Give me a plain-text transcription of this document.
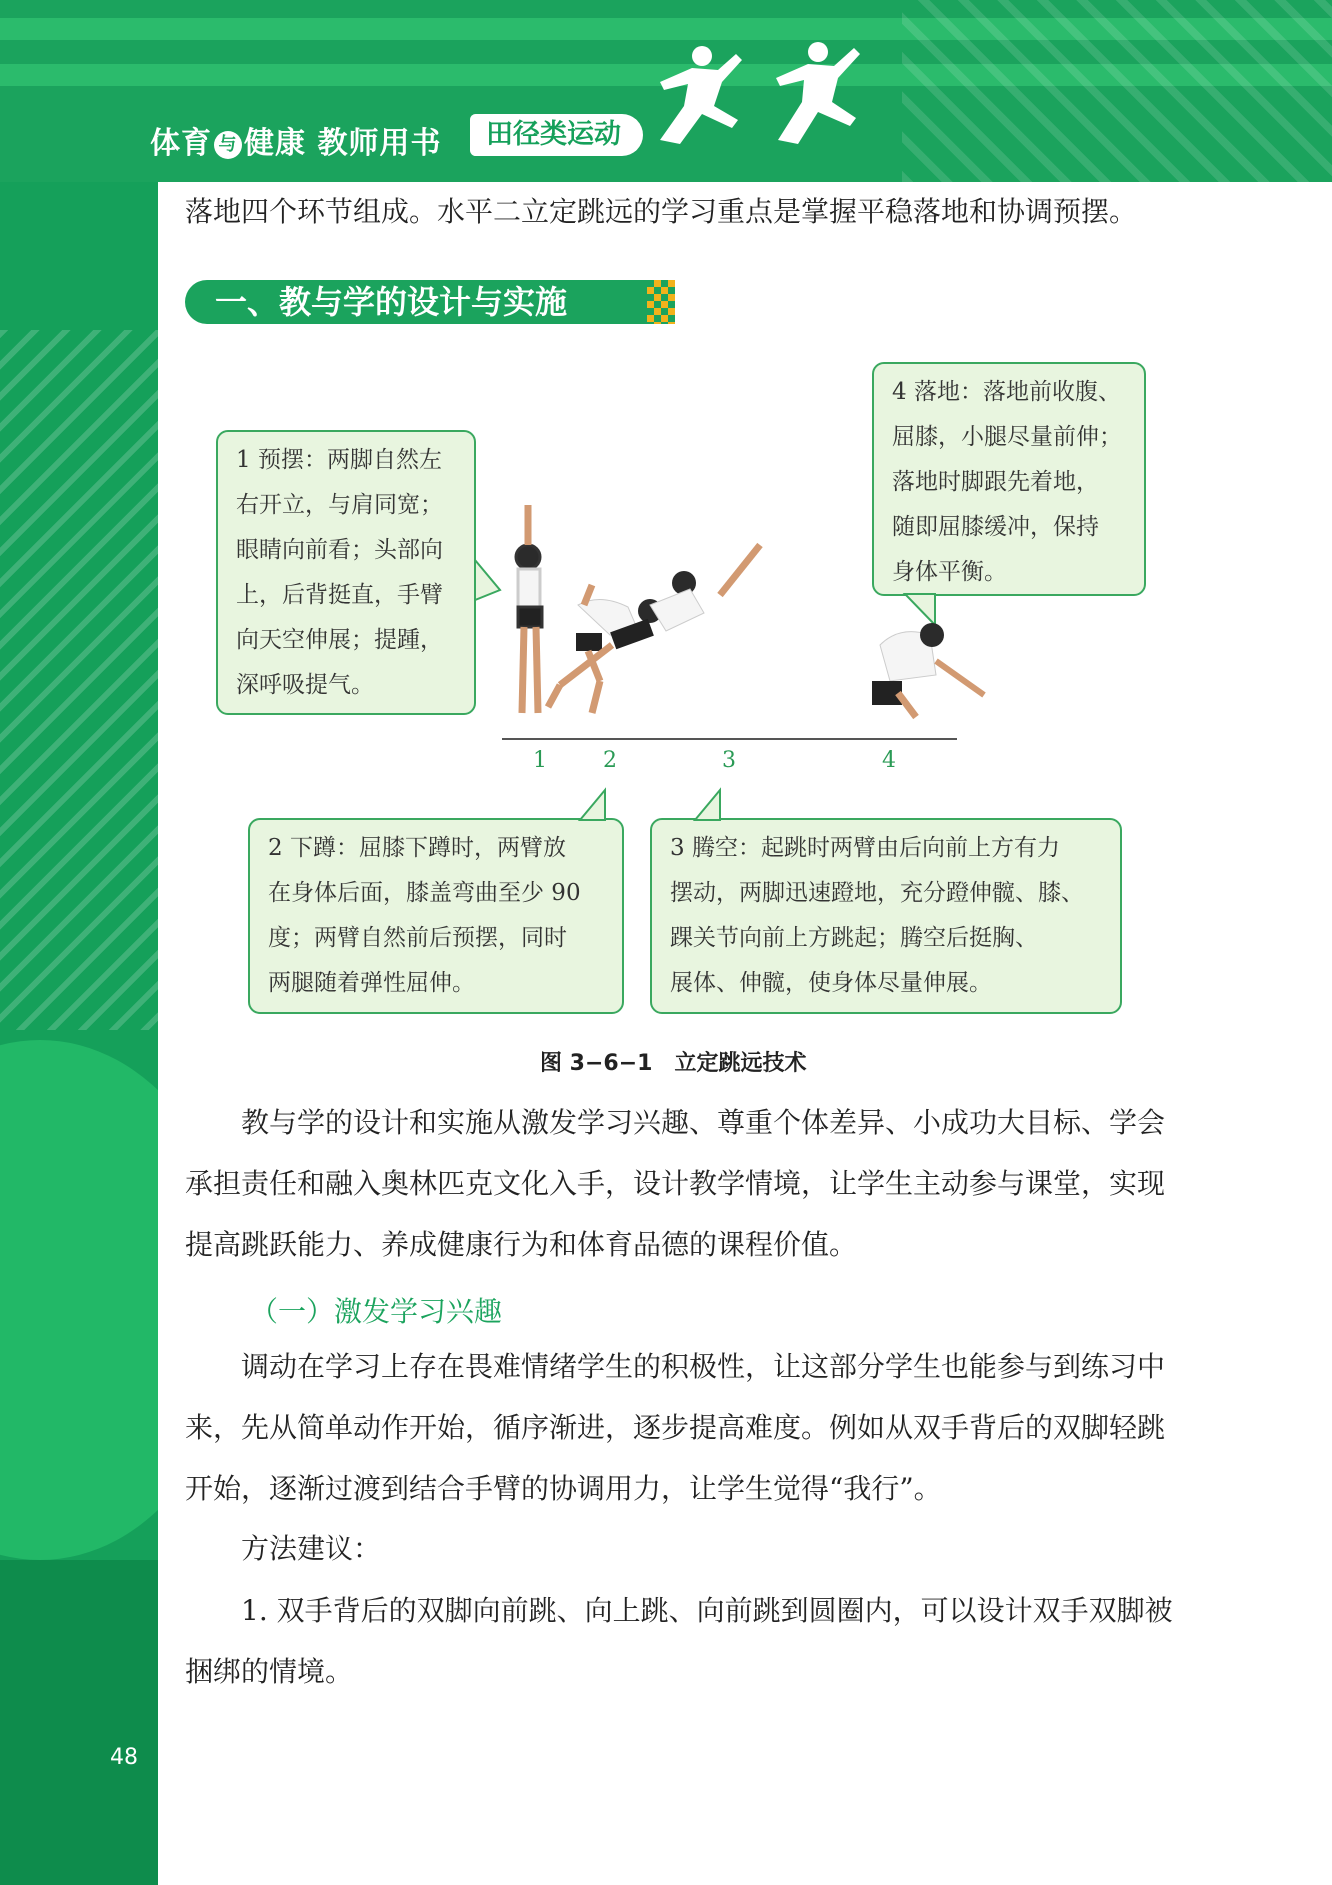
体育 与 健康 教师用书	田径类运动
落地四个环节组成。水平二立定跳远的学习重点是掌握平稳落地和协调预摆。
一、教与学的设计与实施
1 预摆：两脚自然左
右开立，与肩同宽；
眼睛向前看；头部向
上，后背挺直，手臂
向天空伸展；提踵，
深呼吸提气。
4 落地：落地前收腹、
屈膝，小腿尽量前伸；
落地时脚跟先着地，
随即屈膝缓冲，保持
身体平衡。
2 下蹲：屈膝下蹲时，两臂放
在身体后面，膝盖弯曲至少 90
度；两臂自然前后预摆，同时
两腿随着弹性屈伸。
3 腾空：起跳时两臂由后向前上方有力
摆动，两脚迅速蹬地，充分蹬伸髋、膝、
踝关节向前上方跳起；腾空后挺胸、
展体、伸髋，使身体尽量伸展。
1	2	3	4
图 3−6−1　立定跳远技术
　　教与学的设计和实施从激发学习兴趣、尊重个体差异、小成功大目标、学会承担责任和融入奥林匹克文化入手，设计教学情境，让学生主动参与课堂，实现提高跳跃能力、养成健康行为和体育品德的课程价值。
（一）激发学习兴趣
　　调动在学习上存在畏难情绪学生的积极性，让这部分学生也能参与到练习中来，先从简单动作开始，循序渐进，逐步提高难度。例如从双手背后的双脚轻跳开始，逐渐过渡到结合手臂的协调用力，让学生觉得“我行”。
　　方法建议：
　　1. 双手背后的双脚向前跳、向上跳、向前跳到圆圈内，可以设计双手双脚被捆绑的情境。
48
